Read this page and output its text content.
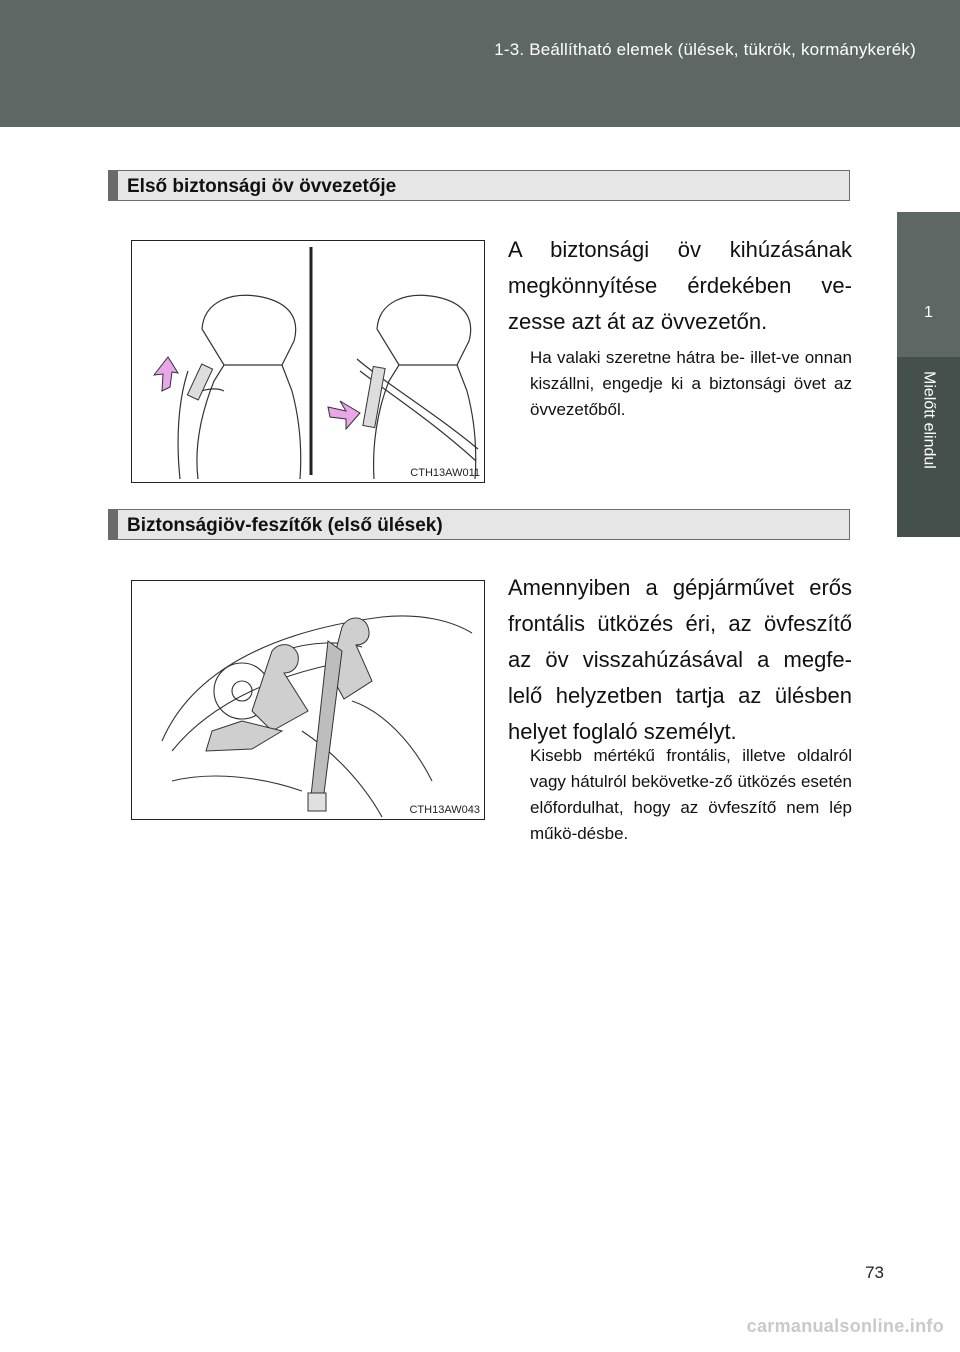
1-3. Beállítható elemek (ülések, tükrök, kormánykerék)
1
Mielőtt elindul
Első biztonsági öv övvezetője
CTH13AW011
A biztonsági öv kihúzásának megkönnyítése érdekében ve-zesse azt át az övvezetőn.
Ha valaki szeretne hátra be- illet-ve onnan kiszállni, engedje ki a biztonsági övet az övvezetőből.
Biztonságiöv-feszítők (első ülések)
CTH13AW043
Amennyiben a gépjárművet erős frontális ütközés éri, az övfeszítő az öv visszahúzásával a megfe-lelő helyzetben tartja az ülésben helyet foglaló személyt.
Kisebb mértékű frontális, illetve oldalról vagy hátulról bekövetke-ző ütközés esetén előfordulhat, hogy az övfeszítő nem lép műkö-désbe.
73
carmanualsonline.info
